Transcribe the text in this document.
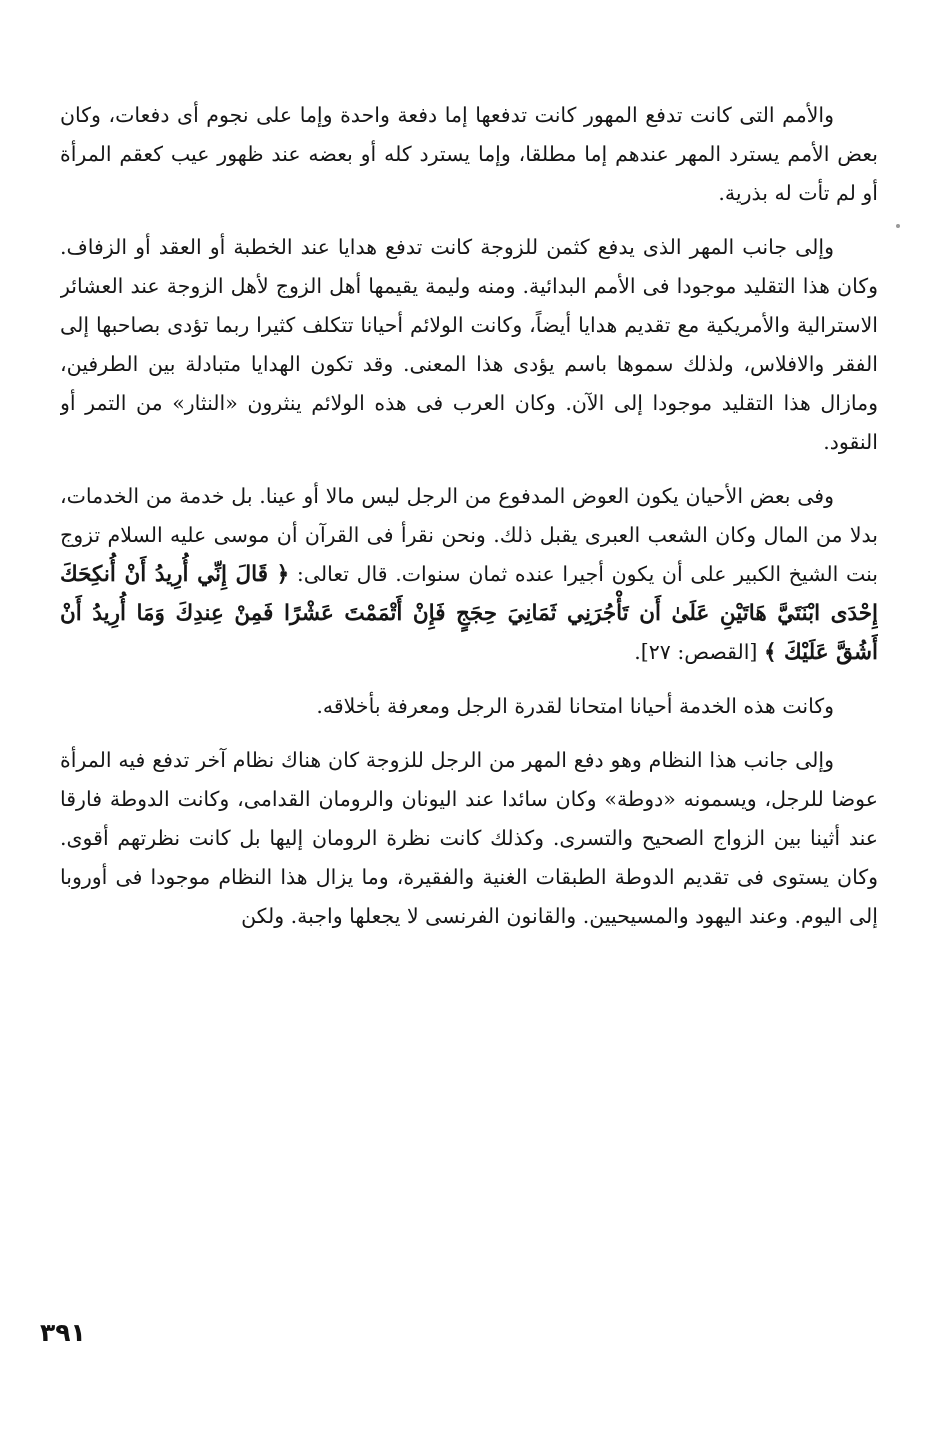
والأمم التى كانت تدفع المهور كانت تدفعها إما دفعة واحدة وإما على نجوم أى دفعات، وكان بعض الأمم يسترد المهر عندهم إما مطلقا، وإما يسترد كله أو بعضه عند ظهور عيب كعقم المرأة أو لم تأت له بذرية.

وإلى جانب المهر الذى يدفع كثمن للزوجة كانت تدفع هدايا عند الخطبة أو العقد أو الزفاف. وكان هذا التقليد موجودا فى الأمم البدائية. ومنه وليمة يقيمها أهل الزوج لأهل الزوجة عند العشائر الاسترالية والأمريكية مع تقديم هدايا أيضاً، وكانت الولائم أحيانا تتكلف كثيرا ربما تؤدى بصاحبها إلى الفقر والافلاس، ولذلك سموها باسم يؤدى هذا المعنى. وقد تكون الهدايا متبادلة بين الطرفين، ومازال هذا التقليد موجودا إلى الآن. وكان العرب فى هذه الولائم ينثرون «النثار» من التمر أو النقود.

وفى بعض الأحيان يكون العوض المدفوع من الرجل ليس مالا أو عينا. بل خدمة من الخدمات، بدلا من المال وكان الشعب العبرى يقبل ذلك. ونحن نقرأ فى القرآن أن موسى عليه السلام تزوج بنت الشيخ الكبير على أن يكون أجيرا عنده ثمان سنوات. قال تعالى: ﴿ قَالَ إِنِّي أُرِيدُ أَنْ أُنكِحَكَ إِحْدَى ابْنَتَيَّ هَاتَيْنِ عَلَىٰ أَن تَأْجُرَنِي ثَمَانِيَ حِجَجٍ فَإِنْ أَتْمَمْتَ عَشْرًا فَمِنْ عِندِكَ وَمَا أُرِيدُ أَنْ أَشُقَّ عَلَيْكَ ﴾ [القصص: ٢٧].

وكانت هذه الخدمة أحيانا امتحانا لقدرة الرجل ومعرفة بأخلاقه.

وإلى جانب هذا النظام وهو دفع المهر من الرجل للزوجة كان هناك نظام آخر تدفع فيه المرأة عوضا للرجل، ويسمونه «دوطة» وكان سائدا عند اليونان والرومان القدامى، وكانت الدوطة فارقا عند أثينا بين الزواج الصحيح والتسرى. وكذلك كانت نظرة الرومان إليها بل كانت نظرتهم أقوى. وكان يستوى فى تقديم الدوطة الطبقات الغنية والفقيرة، وما يزال هذا النظام موجودا فى أوروبا إلى اليوم. وعند اليهود والمسيحيين. والقانون الفرنسى لا يجعلها واجبة. ولكن

٣٩١
